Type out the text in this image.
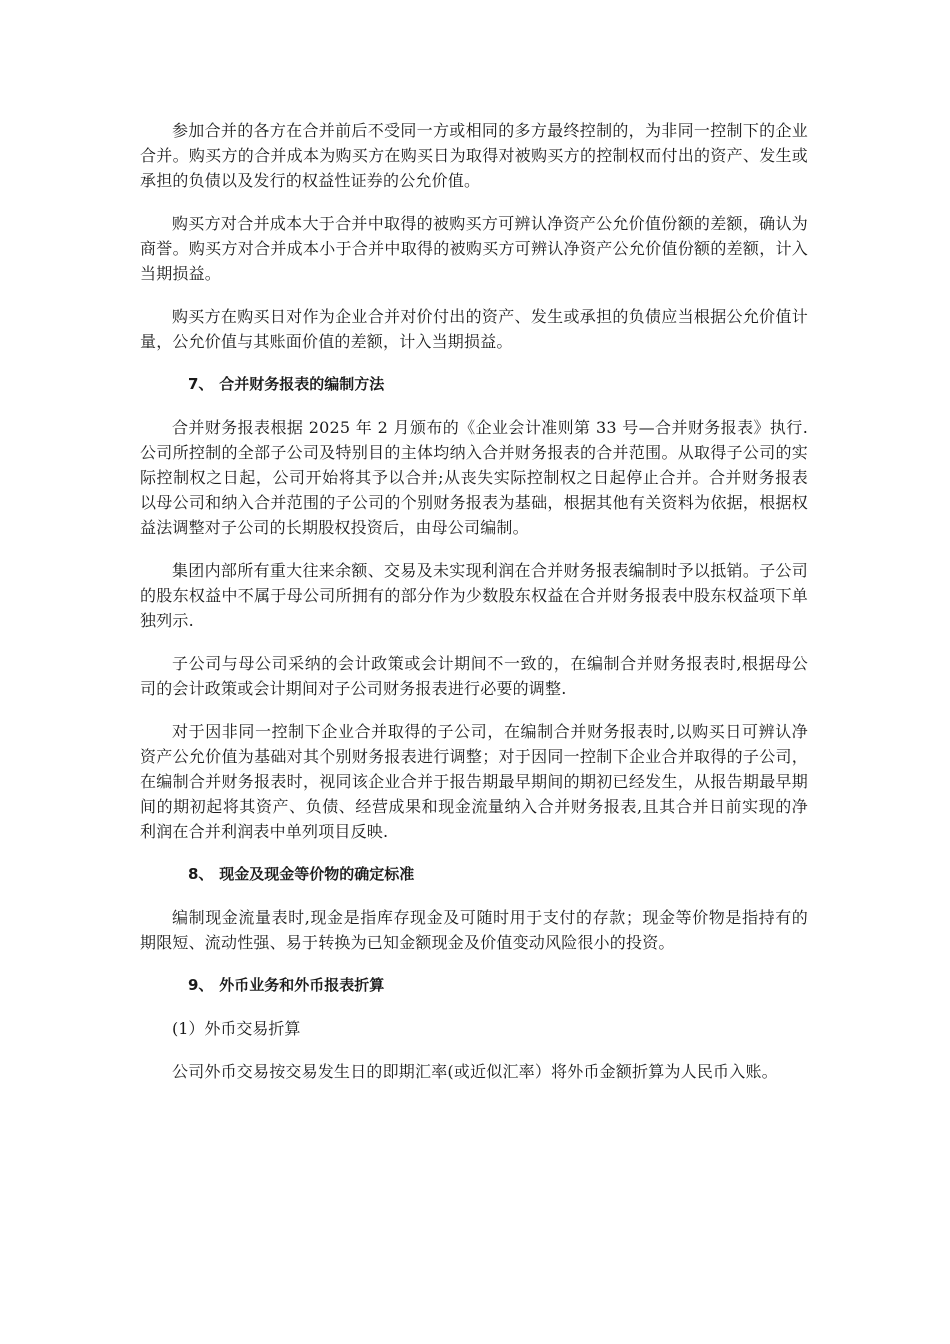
参加合并的各方在合并前后不受同一方或相同的多方最终控制的，为非同一控制下的企业合并。购买方的合并成本为购买方在购买日为取得对被购买方的控制权而付出的资产、发生或承担的负债以及发行的权益性证券的公允价值。

购买方对合并成本大于合并中取得的被购买方可辨认净资产公允价值份额的差额，确认为商誉。购买方对合并成本小于合并中取得的被购买方可辨认净资产公允价值份额的差额，计入当期损益。

购买方在购买日对作为企业合并对价付出的资产、发生或承担的负债应当根据公允价值计量，公允价值与其账面价值的差额，计入当期损益。

7、 合并财务报表的编制方法

合并财务报表根据 2025 年 2 月颁布的《企业会计准则第 33 号—合并财务报表》执行.公司所控制的全部子公司及特别目的主体均纳入合并财务报表的合并范围。从取得子公司的实际控制权之日起，公司开始将其予以合并;从丧失实际控制权之日起停止合并。合并财务报表以母公司和纳入合并范围的子公司的个别财务报表为基础，根据其他有关资料为依据，根据权益法调整对子公司的长期股权投资后，由母公司编制。

集团内部所有重大往来余额、交易及未实现利润在合并财务报表编制时予以抵销。子公司的股东权益中不属于母公司所拥有的部分作为少数股东权益在合并财务报表中股东权益项下单独列示.

子公司与母公司采纳的会计政策或会计期间不一致的，在编制合并财务报表时,根据母公司的会计政策或会计期间对子公司财务报表进行必要的调整.

对于因非同一控制下企业合并取得的子公司，在编制合并财务报表时,以购买日可辨认净资产公允价值为基础对其个别财务报表进行调整；对于因同一控制下企业合并取得的子公司，在编制合并财务报表时，视同该企业合并于报告期最早期间的期初已经发生，从报告期最早期间的期初起将其资产、负债、经营成果和现金流量纳入合并财务报表,且其合并日前实现的净利润在合并利润表中单列项目反映.

8、 现金及现金等价物的确定标准

编制现金流量表时,现金是指库存现金及可随时用于支付的存款；现金等价物是指持有的期限短、流动性强、易于转换为已知金额现金及价值变动风险很小的投资。

9、 外币业务和外币报表折算
(1）外币交易折算

公司外币交易按交易发生日的即期汇率(或近似汇率）将外币金额折算为人民币入账。
